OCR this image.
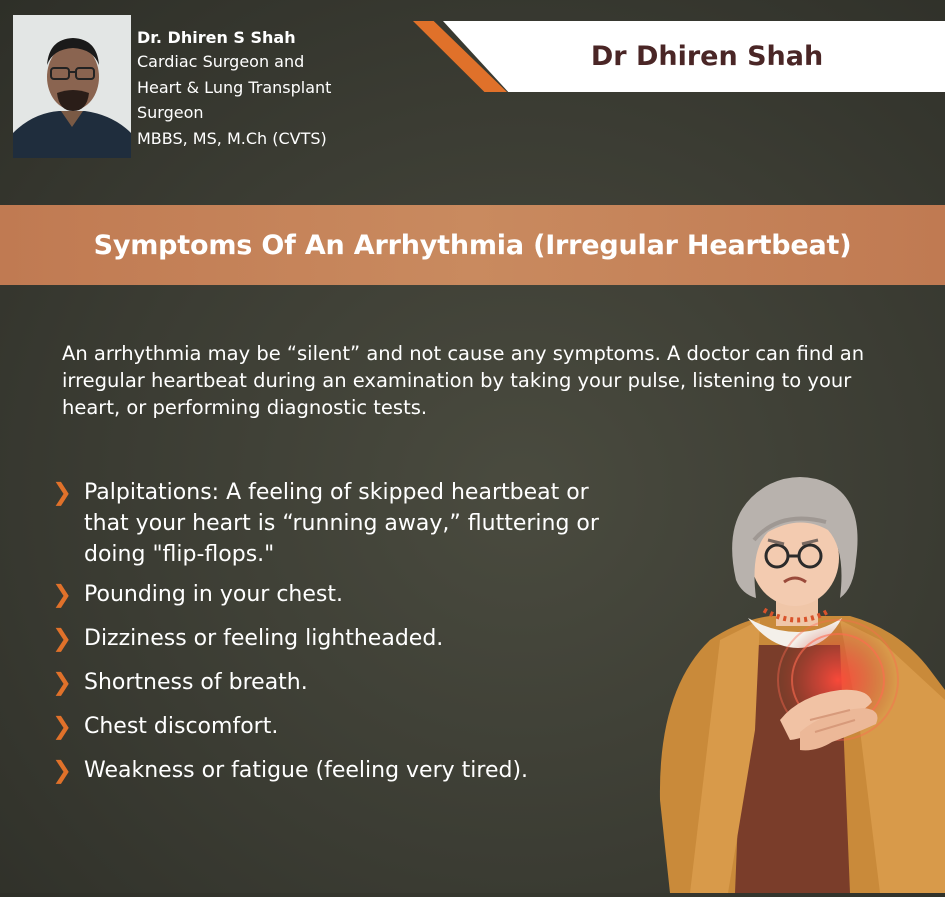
Dr. Dhiren S Shah

Cardiac Surgeon and

Heart & Lung Transplant

Surgeon

MBBS, MS, M.Ch (CVTS)

Dr Dhiren Shah
Symptoms Of An Arrhythmia (Irregular Heartbeat)

An arrhythmia may be “silent” and not cause any symptoms. A doctor can find an irregular heartbeat during an examination by taking your pulse, listening to your heart, or performing diagnostic tests.

❯ Palpitations: A feeling of skipped heartbeat or that your heart is “running away,” fluttering or doing "flip-flops."
❯ Pounding in your chest.
❯ Dizziness or feeling lightheaded.
❯ Shortness of breath.
❯ Chest discomfort.
❯ Weakness or fatigue (feeling very tired).
